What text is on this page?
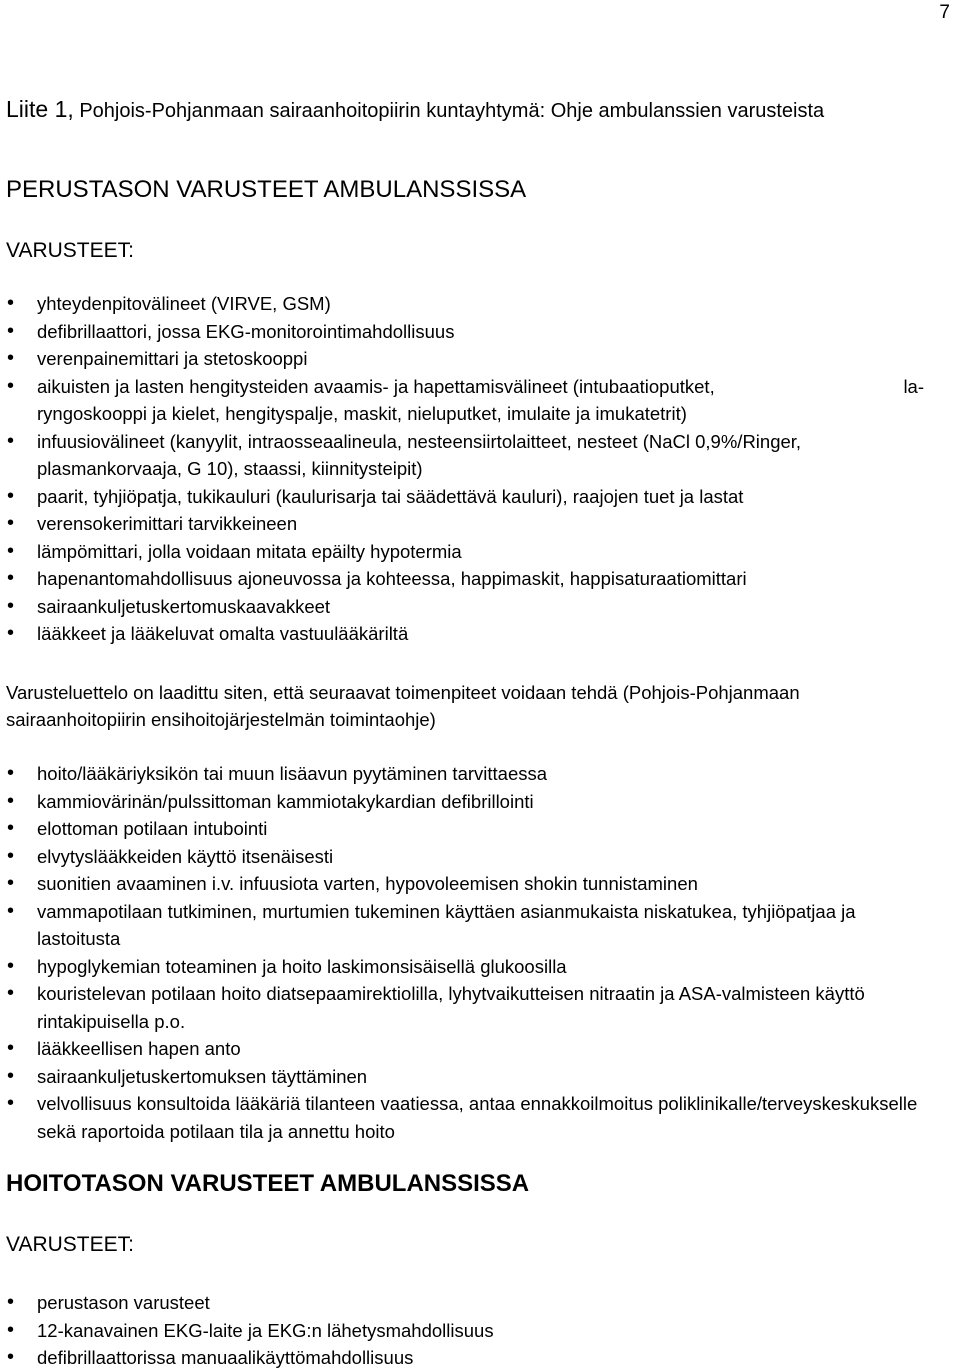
7
Liite 1, Pohjois-Pohjanmaan sairaanhoitopiirin kuntayhtymä: Ohje ambulanssien varusteista
PERUSTASON VARUSTEET AMBULANSSISSA
VARUSTEET:
• yhteydenpitovälineet (VIRVE, GSM)
• defibrillaattori, jossa EKG-monitorointimahdollisuus
• verenpainemittari ja stetoskooppi
• aikuisten ja lasten hengitysteiden avaamis- ja hapettamisvälineet (intubaatioputket,	la-

ryngoskooppi ja kielet, hengityspalje, maskit, nieluputket, imulaite ja imukatetrit)
• infuusiovälineet (kanyylit, intraosseaalineula, nesteensiirtolaitteet, nesteet (NaCl 0,9%/Ringer, plasmankorvaaja, G 10), staassi, kiinnitysteipit)
• paarit, tyhjiöpatja, tukikauluri (kaulurisarja tai säädettävä kauluri), raajojen tuet ja lastat
• verensokerimittari tarvikkeineen
• lämpömittari, jolla voidaan mitata epäilty hypotermia
• hapenantomahdollisuus ajoneuvossa ja kohteessa, happimaskit, happisaturaatiomittari
• sairaankuljetuskertomuskaavakkeet
• lääkkeet ja lääkeluvat omalta vastuulääkäriltä

Varusteluettelo on laadittu siten, että seuraavat toimenpiteet voidaan tehdä (Pohjois-Pohjanmaan sairaanhoitopiirin ensihoitojärjestelmän toimintaohje)

• hoito/lääkäriyksikön tai muun lisäavun pyytäminen tarvittaessa
• kammiovärinän/pulssittoman kammiotakykardian defibrillointi
• elottoman potilaan intubointi
• elvytyslääkkeiden käyttö itsenäisesti
• suonitien avaaminen i.v. infuusiota varten, hypovoleemisen shokin tunnistaminen
• vammapotilaan tutkiminen, murtumien tukeminen käyttäen asianmukaista niskatukea, tyhjiöpatjaa ja lastoitusta
• hypoglykemian toteaminen ja hoito laskimonsisäisellä glukoosilla
• kouristelevan potilaan hoito diatsepaamirektiolilla, lyhytvaikutteisen nitraatin ja ASA-valmisteen käyttö rintakipuisella p.o.
• lääkkeellisen hapen anto
• sairaankuljetuskertomuksen täyttäminen
• velvollisuus konsultoida lääkäriä tilanteen vaatiessa, antaa ennakkoilmoitus poliklinikalle/terveyskeskukselle sekä raportoida potilaan tila ja annettu hoito
HOITOTASON VARUSTEET AMBULANSSISSA
VARUSTEET:
• perustason varusteet
• 12-kanavainen EKG-laite ja EKG:n lähetysmahdollisuus
• defibrillaattorissa manuaalikäyttömahdollisuus
